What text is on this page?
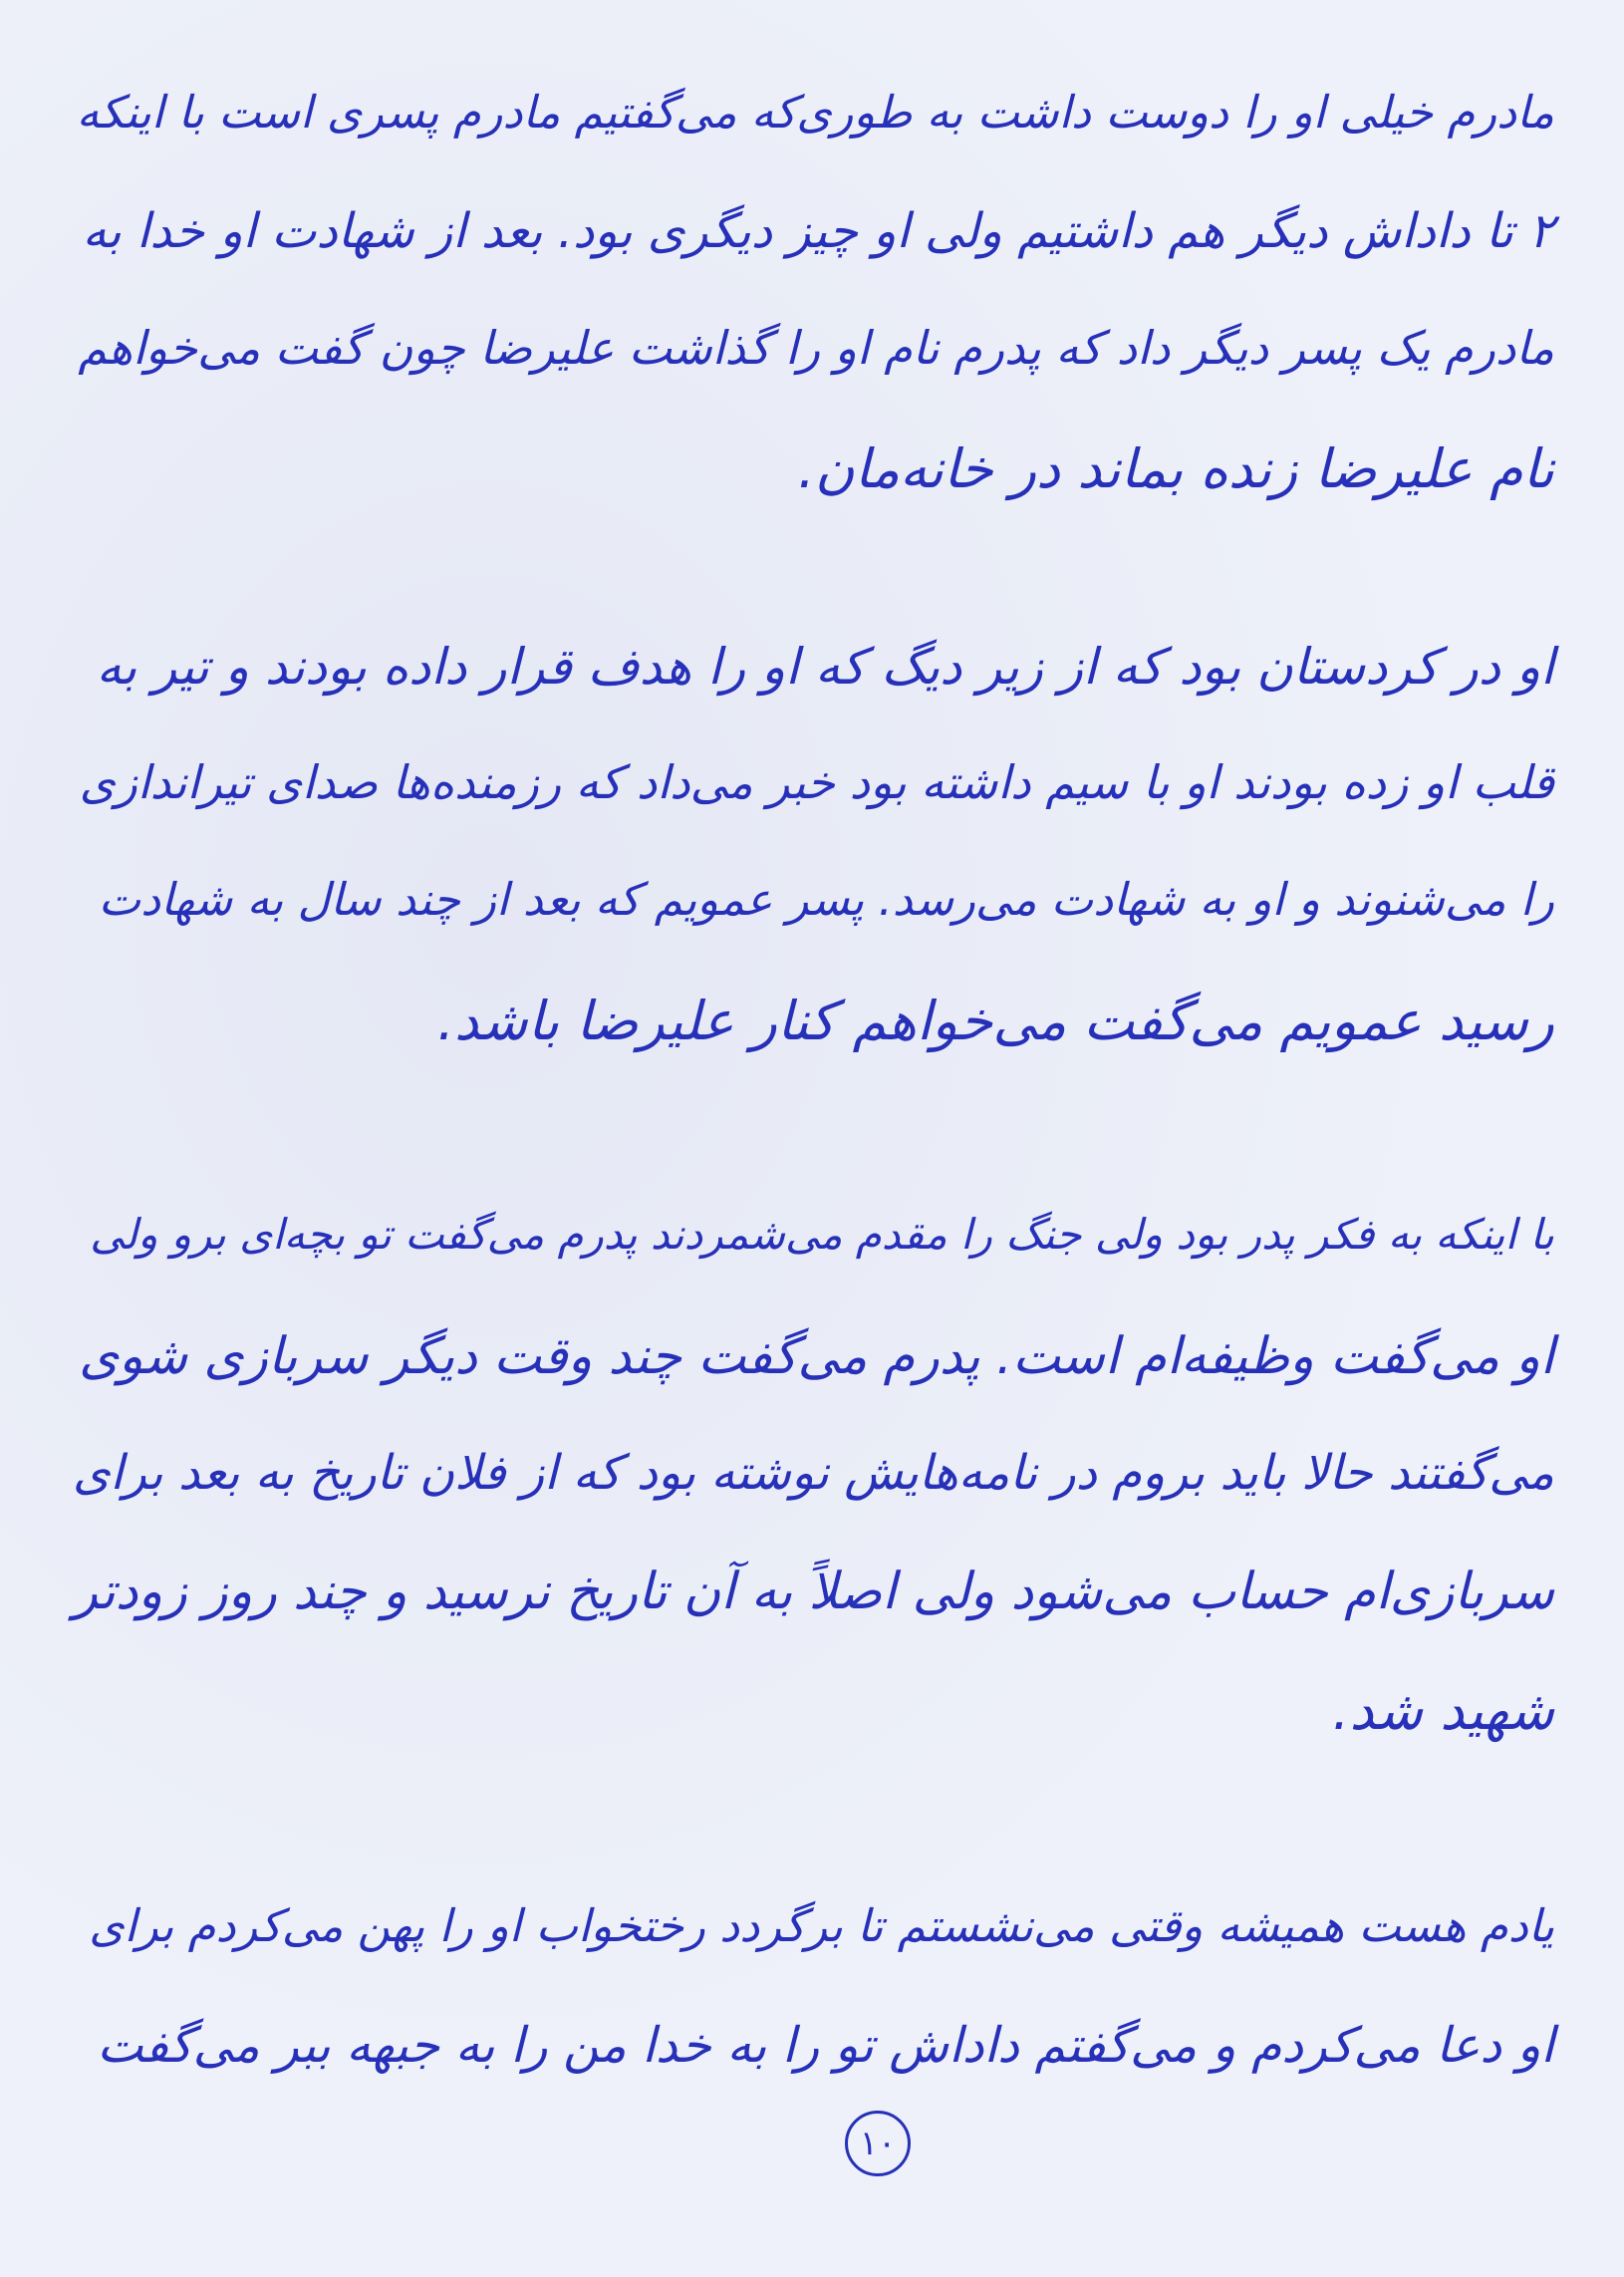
مادرم خیلی او را دوست داشت به طوری‌که می‌گفتیم مادرم پسری است با اینکه
۲ تا داداش دیگر هم داشتیم ولی او چیز دیگری بود. بعد از شهادت او خدا به
مادرم یک پسر دیگر داد که پدرم نام او را گذاشت علیرضا چون گفت می‌خواهم
نام علیرضا زنده بماند در خانه‌مان.
او در کردستان بود که از زیر دیگ که او را هدف قرار داده بودند و تیر به
قلب او زده بودند او با سیم داشته بود خبر می‌داد که رزمنده‌ها صدای تیراندازی
را می‌شنوند و او به شهادت می‌رسد. پسر عمویم که بعد از چند سال به شهادت
رسید عمویم می‌گفت می‌خواهم کنار علیرضا باشد.
با اینکه به فکر پدر بود ولی جنگ را مقدم می‌شمردند پدرم می‌گفت تو بچه‌ای برو ولی
او می‌گفت وظیفه‌ام است. پدرم می‌گفت چند وقت دیگر سربازی شوی
می‌گفتند حالا باید بروم در نامه‌هایش نوشته بود که از فلان تاریخ به بعد برای
سربازی‌ام حساب می‌شود ولی اصلاً به آن تاریخ نرسید و چند روز زودتر
شهید شد.
یادم هست همیشه وقتی می‌نشستم تا برگردد رختخواب او را پهن می‌کردم برای
او دعا می‌کردم و می‌گفتم داداش تو را به خدا من را به جبهه ببر می‌گفت
۱۰
